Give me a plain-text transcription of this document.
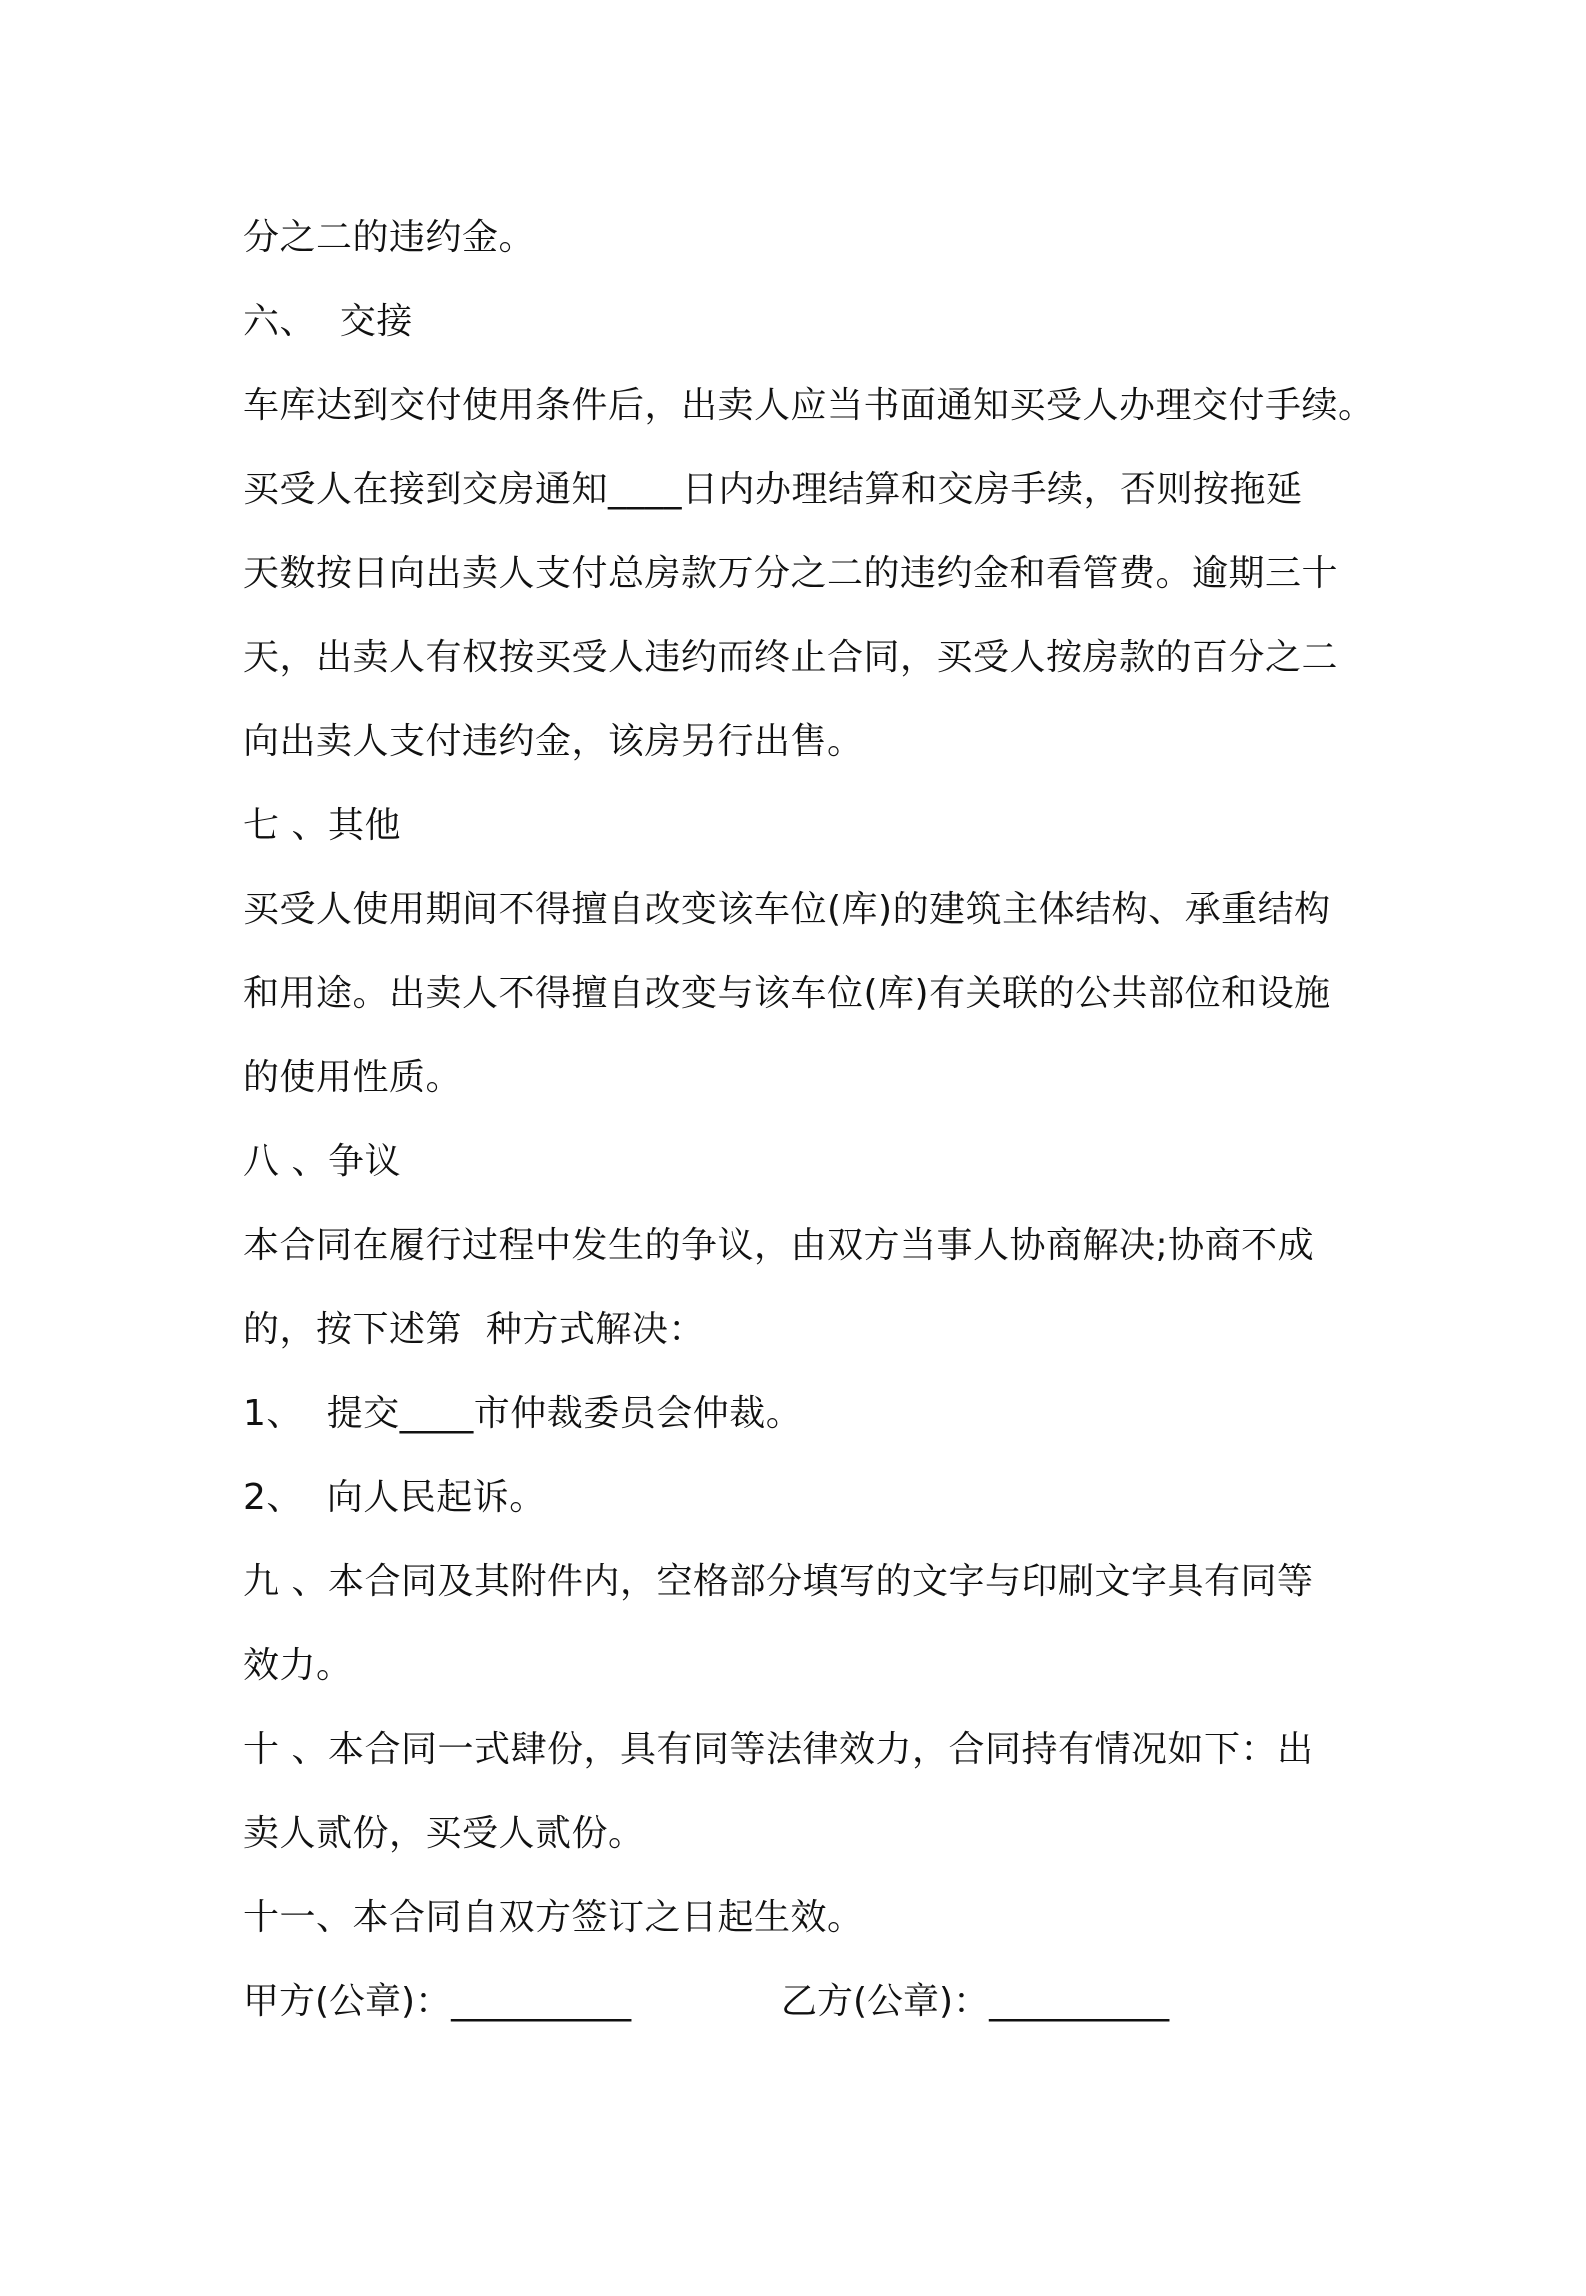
分之二的违约金。
六、  交接
车库达到交付使用条件后，出卖人应当书面通知买受人办理交付手续。
买受人在接到交房通知____日内办理结算和交房手续，否则按拖延
天数按日向出卖人支付总房款万分之二的违约金和看管费。逾期三十
天，出卖人有权按买受人违约而终止合同，买受人按房款的百分之二
向出卖人支付违约金，该房另行出售。
七 、其他
买受人使用期间不得擅自改变该车位(库)的建筑主体结构、承重结构
和用途。出卖人不得擅自改变与该车位(库)有关联的公共部位和设施
的使用性质。
八 、争议
本合同在履行过程中发生的争议，由双方当事人协商解决;协商不成
的，按下述第  种方式解决：
1、  提交____市仲裁委员会仲裁。
2、  向人民起诉。
九 、本合同及其附件内，空格部分填写的文字与印刷文字具有同等
效力。
十 、本合同一式肆份，具有同等法律效力，合同持有情况如下：出
卖人贰份，买受人贰份。
十一、本合同自双方签订之日起生效。

甲方(公章)：__________

	乙方(公章)：__________
